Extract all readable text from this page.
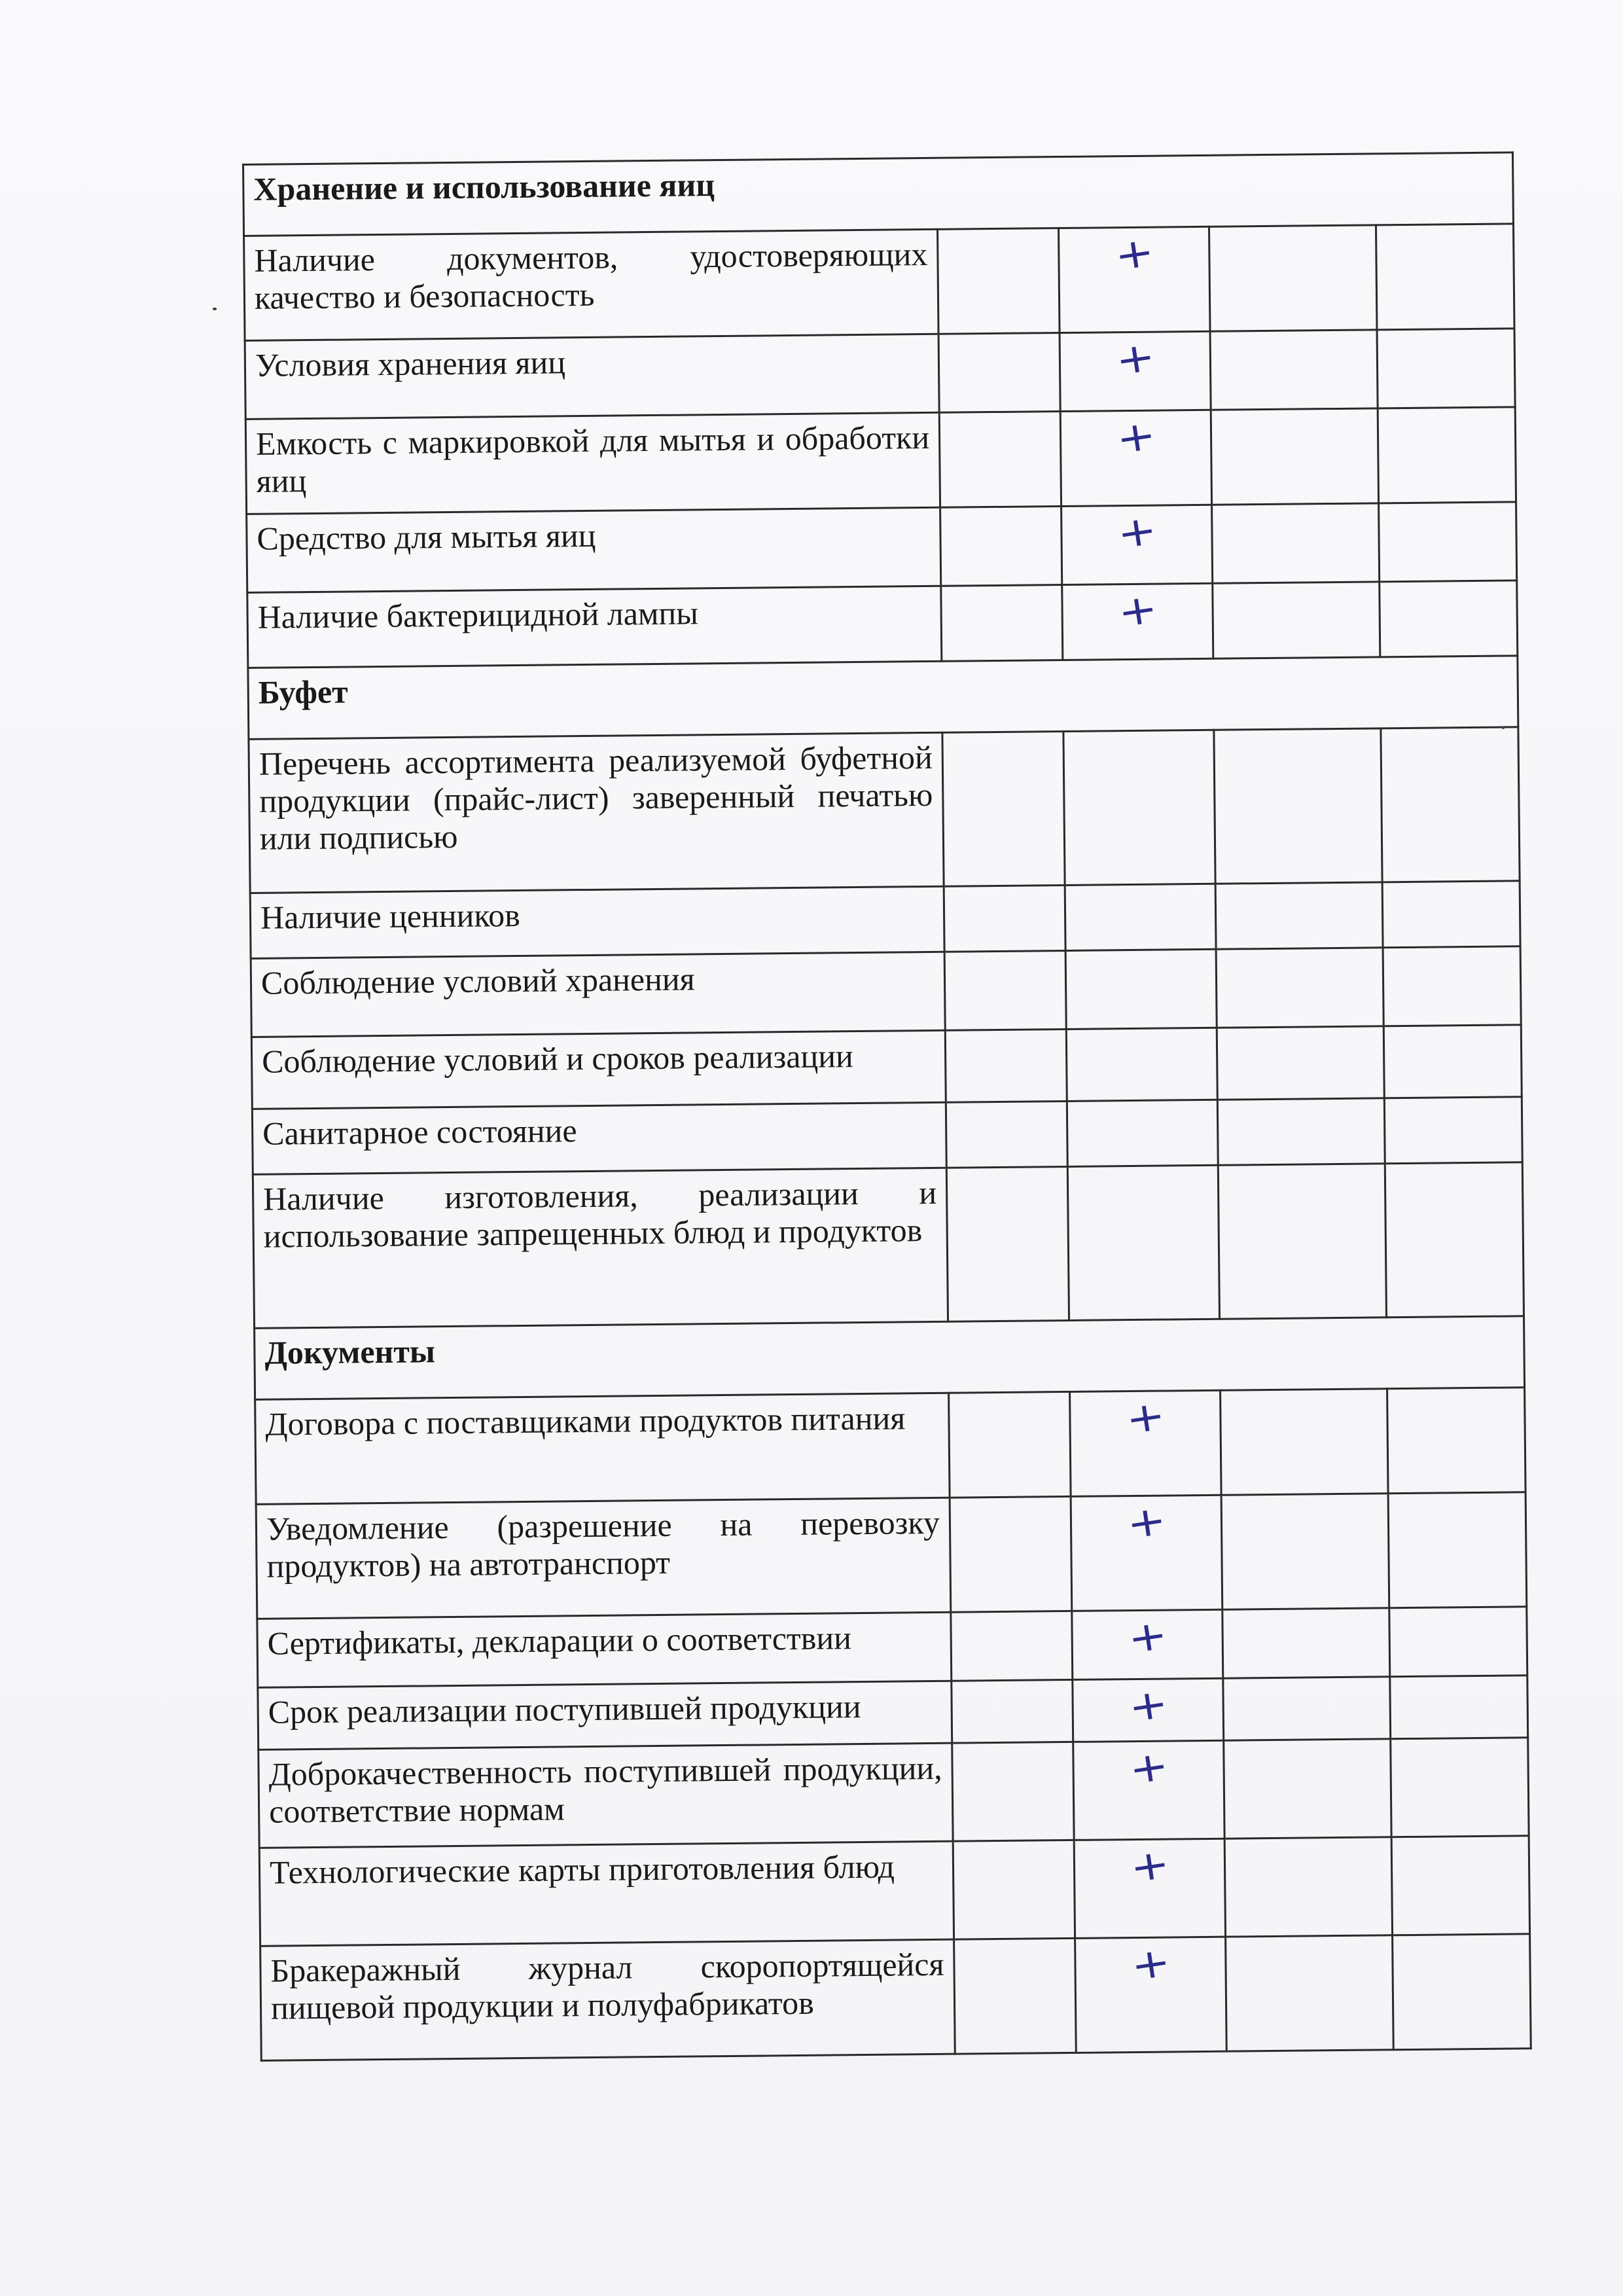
Хранение и использование яиц				
Наличие документов, удостоверяющих качество и безопасность		+		
Условия хранения яиц		+		
Емкость с маркировкой для мытья и обработки яиц		+		
Средство для мытья яиц		+		
Наличие бактерицидной лампы		+		
Буфет				
Перечень ассортимента реализуемой буфетной продукции (прайс-лист) заверенный печатью или подписью				
Наличие ценников				
Соблюдение условий хранения				
Соблюдение условий и сроков реализации				
Санитарное состояние				
Наличие изготовления, реализации и использование запрещенных блюд и продуктов				
Документы				
Договора с поставщиками продуктов питания		+		
Уведомление (разрешение на перевозку продуктов) на автотранспорт		+		
Сертификаты, декларации о соответствии		+		
Срок реализации поступившей продукции		+		
Доброкачественность поступившей продукции, соответствие нормам		+		
Технологические карты приготовления блюд		+		
Бракеражный журнал скоропортящейся пищевой продукции и полуфабрикатов		+		
